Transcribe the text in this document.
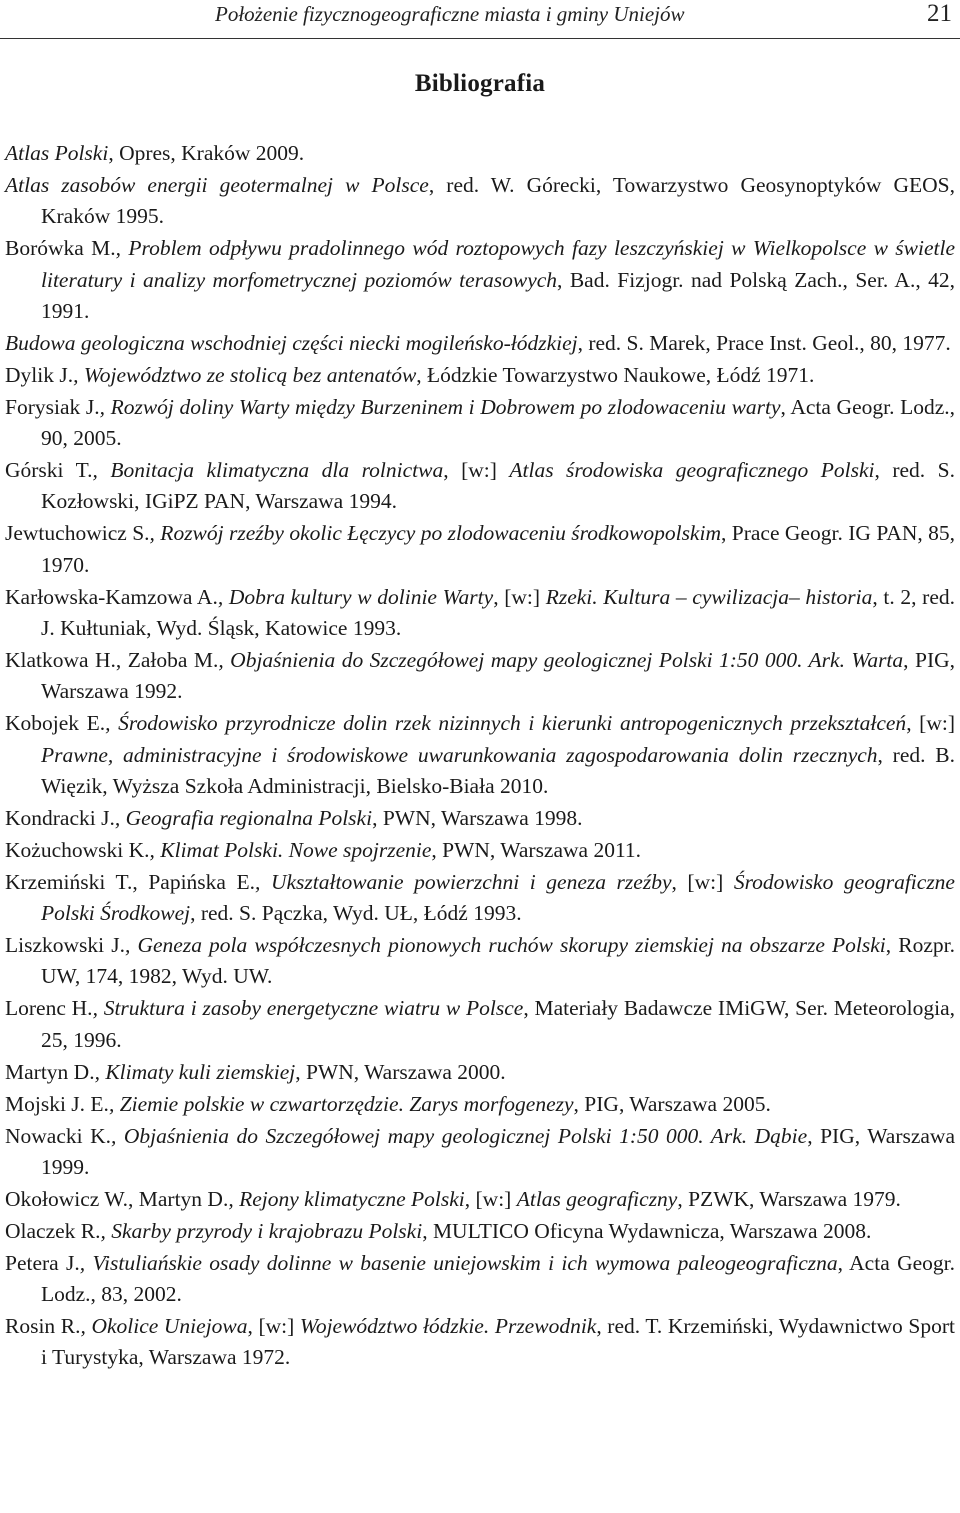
Położenie fizycznogeograficzne miasta i gminy Uniejów	21
Bibliografia
Atlas Polski, Opres, Kraków 2009.
Atlas zasobów energii geotermalnej w Polsce, red. W. Górecki, Towarzystwo Geosynoptyków GEOS, Kraków 1995.
Borówka M., Problem odpływu pradolinnego wód roztopowych fazy leszczyńskiej w Wielkopolsce w świetle literatury i analizy morfometrycznej poziomów terasowych, Bad. Fizjogr. nad Polską Zach., Ser. A., 42, 1991.
Budowa geologiczna wschodniej części niecki mogileńsko-łódzkiej, red. S. Marek, Prace Inst. Geol., 80, 1977.
Dylik J., Województwo ze stolicą bez antenatów, Łódzkie Towarzystwo Naukowe, Łódź 1971.
Forysiak J., Rozwój doliny Warty między Burzeninem i Dobrowem po zlodowaceniu warty, Acta Geogr. Lodz., 90, 2005.
Górski T., Bonitacja klimatyczna dla rolnictwa, [w:] Atlas środowiska geograficznego Polski, red. S. Kozłowski, IGiPZ PAN, Warszawa 1994.
Jewtuchowicz S., Rozwój rzeźby okolic Łęczycy po zlodowaceniu środkowopolskim, Prace Geogr. IG PAN, 85, 1970.
Karłowska-Kamzowa A., Dobra kultury w dolinie Warty, [w:] Rzeki. Kultura – cywilizacja– historia, t. 2, red. J. Kułtuniak, Wyd. Śląsk, Katowice 1993.
Klatkowa H., Załoba M., Objaśnienia do Szczegółowej mapy geologicznej Polski 1:50 000. Ark. Warta, PIG, Warszawa 1992.
Kobojek E., Środowisko przyrodnicze dolin rzek nizinnych i kierunki antropogenicznych przekształceń, [w:] Prawne, administracyjne i środowiskowe uwarunkowania zagospodarowania dolin rzecznych, red. B. Więzik, Wyższa Szkoła Administracji, Bielsko-Biała 2010.
Kondracki J., Geografia regionalna Polski, PWN, Warszawa 1998.
Kożuchowski K., Klimat Polski. Nowe spojrzenie, PWN, Warszawa 2011.
Krzemiński T., Papińska E., Ukształtowanie powierzchni i geneza rzeźby, [w:] Środowisko geograficzne Polski Środkowej, red. S. Pączka, Wyd. UŁ, Łódź 1993.
Liszkowski J., Geneza pola współczesnych pionowych ruchów skorupy ziemskiej na obszarze Polski, Rozpr. UW, 174, 1982, Wyd. UW.
Lorenc H., Struktura i zasoby energetyczne wiatru w Polsce, Materiały Badawcze IMiGW, Ser. Meteorologia, 25, 1996.
Martyn D., Klimaty kuli ziemskiej, PWN, Warszawa 2000.
Mojski J. E., Ziemie polskie w czwartorzędzie. Zarys morfogenezy, PIG, Warszawa 2005.
Nowacki K., Objaśnienia do Szczegółowej mapy geologicznej Polski 1:50 000. Ark. Dąbie, PIG, Warszawa 1999.
Okołowicz W., Martyn D., Rejony klimatyczne Polski, [w:] Atlas geograficzny, PZWK, Warszawa 1979.
Olaczek R., Skarby przyrody i krajobrazu Polski, MULTICO Oficyna Wydawnicza, Warszawa 2008.
Petera J., Vistuliańskie osady dolinne w basenie uniejowskim i ich wymowa paleogeograficzna, Acta Geogr. Lodz., 83, 2002.
Rosin R., Okolice Uniejowa, [w:] Województwo łódzkie. Przewodnik, red. T. Krzemiński, Wydawnictwo Sport i Turystyka, Warszawa 1972.
